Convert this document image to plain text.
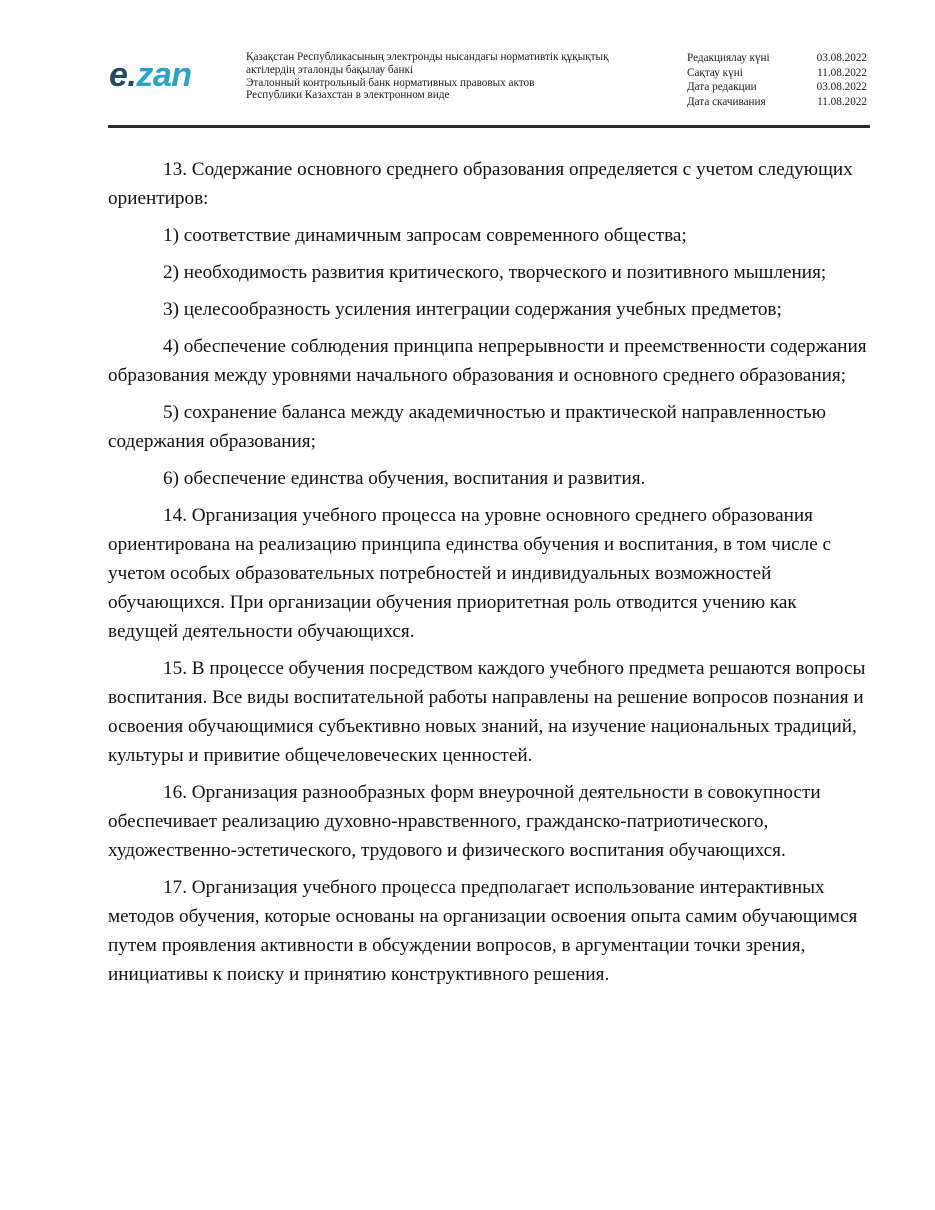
e.zan	Қазақстан Республикасының электронды нысандағы нормативтік құқықтық
актілердің эталонды бақылау банкі
Эталонный контрольный банк нормативных правовых актов
Республики Казахстан в электронном виде
Редакциялау күні	03.08.2022
Сақтау күні	11.08.2022
Дата редакции	03.08.2022
Дата скачивания	11.08.2022

13. Содержание основного среднего образования определяется с учетом следующих ориентиров:

1) соответствие динамичным запросам современного общества;

2) необходимость развития критического, творческого и позитивного мышления;

3) целесообразность усиления интеграции содержания учебных предметов;

4) обеспечение соблюдения принципа непрерывности и преемственности содержания образования между уровнями начального образования и основного среднего образования;

5) сохранение баланса между академичностью и практической направленностью содержания образования;

6) обеспечение единства обучения, воспитания и развития.

14. Организация учебного процесса на уровне основного среднего образования ориентирована на реализацию принципа единства обучения и воспитания, в том числе с учетом особых образовательных потребностей и индивидуальных возможностей обучающихся. При организации обучения приоритетная роль отводится учению как ведущей деятельности обучающихся.

15. В процессе обучения посредством каждого учебного предмета решаются вопросы воспитания. Все виды воспитательной работы направлены на решение вопросов познания и освоения обучающимися субъективно новых знаний, на изучение национальных традиций, культуры и привитие общечеловеческих ценностей.

16. Организация разнообразных форм внеурочной деятельности в совокупности обеспечивает реализацию духовно-нравственного, гражданско-патриотического, художественно-эстетического, трудового и физического воспитания обучающихся.

17. Организация учебного процесса предполагает использование интерактивных методов обучения, которые основаны на организации освоения опыта самим обучающимся путем проявления активности в обсуждении вопросов, в аргументации точки зрения, инициативы к поиску и принятию конструктивного решения.
